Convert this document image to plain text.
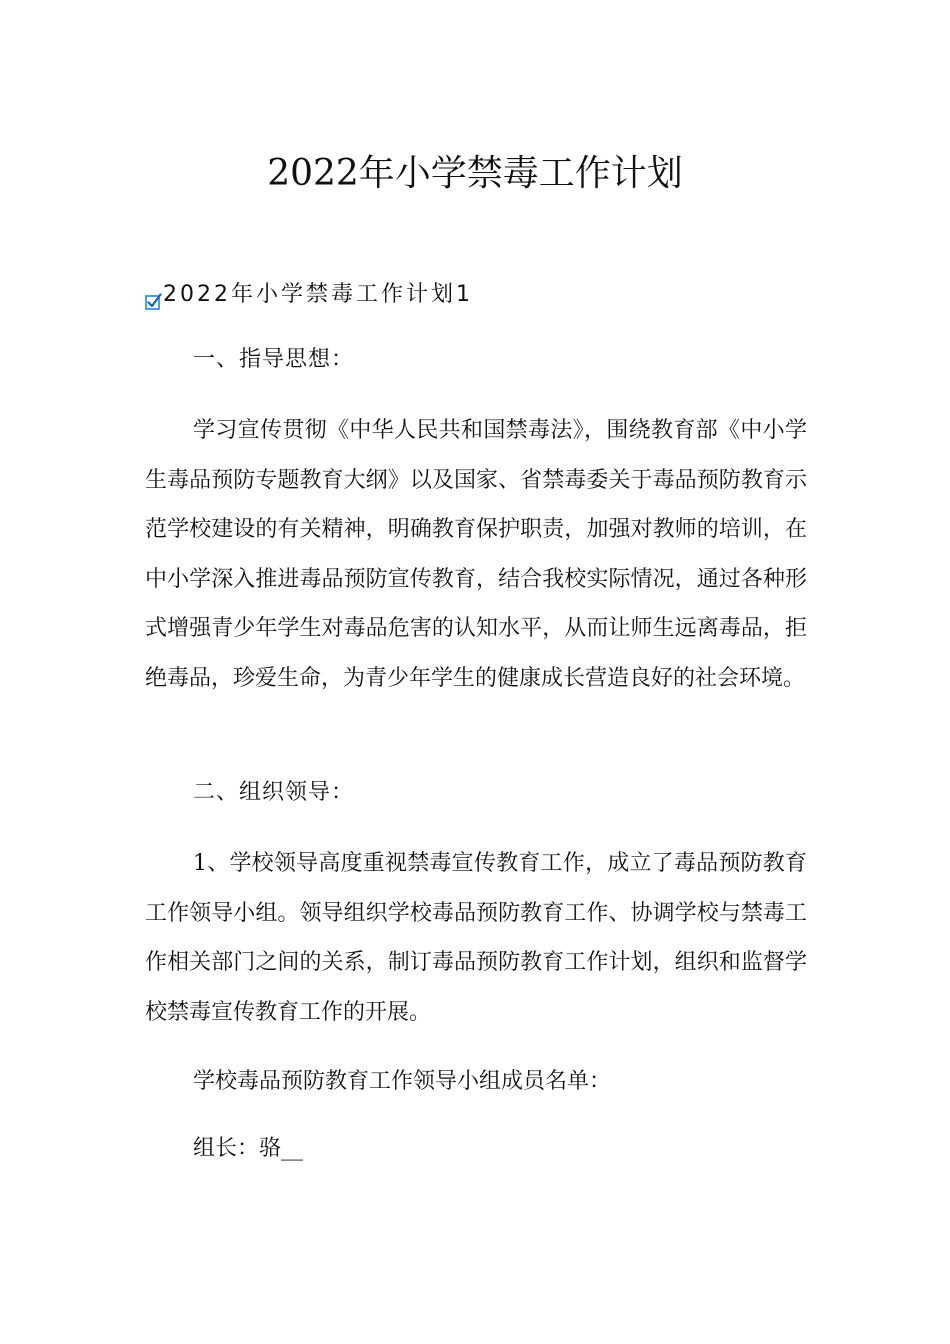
2022年小学禁毒工作计划
2022年小学禁毒工作计划1

一、指导思想：

学习宣传贯彻《中华人民共和国禁毒法》，围绕教育部《中小学生毒品预防专题教育大纲》以及国家、省禁毒委关于毒品预防教育示范学校建设的有关精神，明确教育保护职责，加强对教师的培训，在中小学深入推进毒品预防宣传教育，结合我校实际情况，通过各种形式增强青少年学生对毒品危害的认知水平，从而让师生远离毒品，拒绝毒品，珍爱生命，为青少年学生的健康成长营造良好的社会环境。

二、组织领导：

1、学校领导高度重视禁毒宣传教育工作，成立了毒品预防教育工作领导小组。领导组织学校毒品预防教育工作、协调学校与禁毒工作相关部门之间的关系，制订毒品预防教育工作计划，组织和监督学校禁毒宣传教育工作的开展。

学校毒品预防教育工作领导小组成员名单：

组长：骆__
